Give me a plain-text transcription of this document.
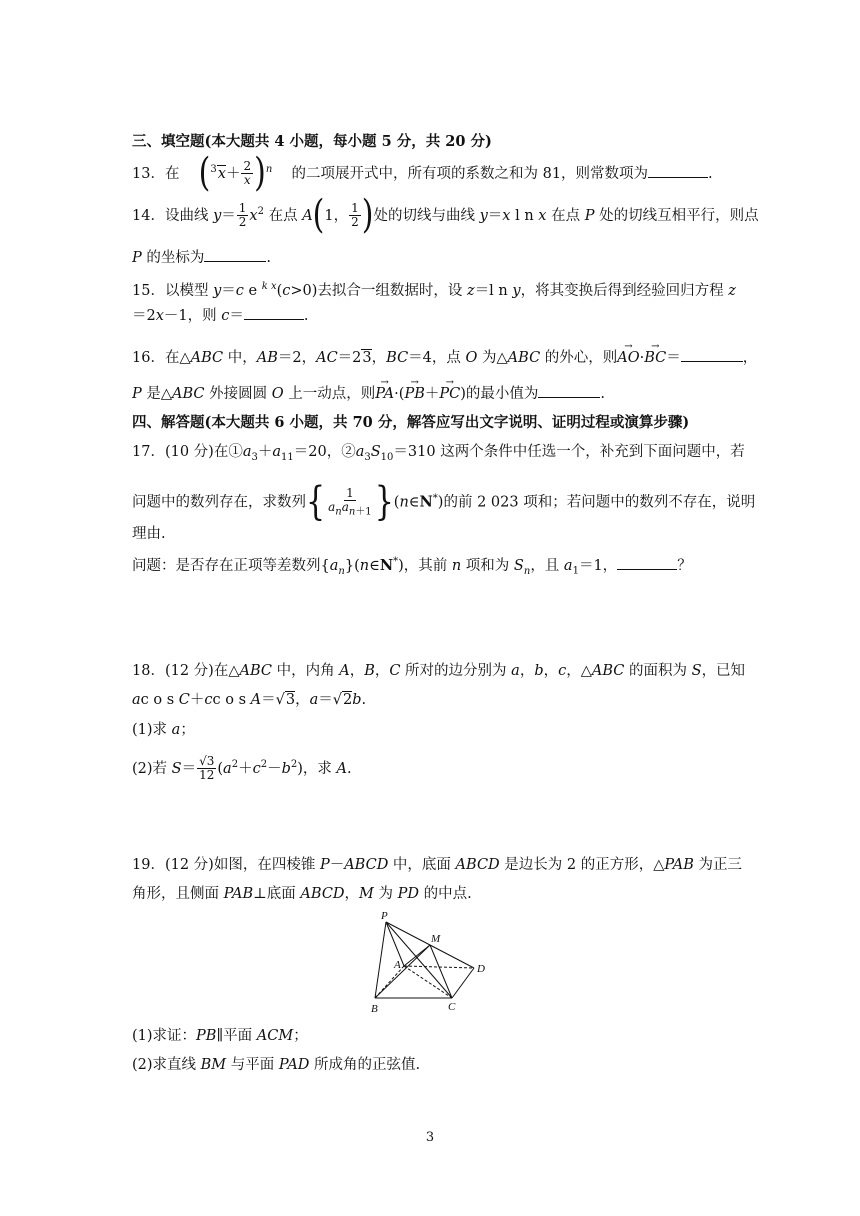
三、填空题(本大题共 4 小题，每小题 5 分，共 20 分)
13．在 $(^3x+ \frac{2}{x} )^n$ 的二项展开式中，所有项的系数之和为 81，则常数项为	.
14．设曲线 $y= \frac{1}{2} x^2$ 在点 A(1， $\frac{1}{2}$ )处的切线与曲线 y＝x l n x 在点 P 处的切线互相平行，则点
P 的坐标为	.
15．以模型 y＝c e $^{k x}$(c>0)去拟合一组数据时，设 z＝l n y，将其变换后得到经验回归方程 z
＝2x－1，则 c＝	.
16．在△ABC 中，AB＝2，AC＝23，BC＝4，点 O 为△ABC 的外心，则→ AO·→ BC＝	，
P 是△ABC 外接圆圆 O 上一动点，则→ PA·(→ PB＋→ PC)的最小值为	.
四、解答题(本大题共 6 小题，共 70 分，解答应写出文字说明、证明过程或演算步骤)
17．(10 分)在$①a_3+a_{11}=20$，$②a_3S_{10}=310$ 这两个条件中任选一个，补充到下面问题中，若
问题中的数列存在，求数列{ $\frac{1}{a_na_{n+1}}$ }(n∈N*)的前 2 023 项和；若问题中的数列不存在，说明
理由.
问题：是否存在正项等差数列$\{a_n\}(n\in N^*)$，其前 n 项和为 $S_n$，且 $a_1=1$，	？
18．(12 分)在△ABC 中，内角 A，B，C 所对的边分别为 a，b，c，△ABC 的面积为 S，已知
ac o s C＋cc o s A＝√3，a＝√2b.
(1)求 a；
(2)若 $S= \frac{√3}{12} (a^2+c^2-b^2)$，求 A.
19．(12 分)如图，在四棱锥 P－ABCD 中，底面 ABCD 是边长为 2 的正方形，△PAB 为正三
角形，且侧面 PAB⊥底面 ABCD，M 为 PD 的中点.
P
M
A	D
B	C
(1)求证：PB∥平面 ACM；
(2)求直线 BM 与平面 PAD 所成角的正弦值.
3
